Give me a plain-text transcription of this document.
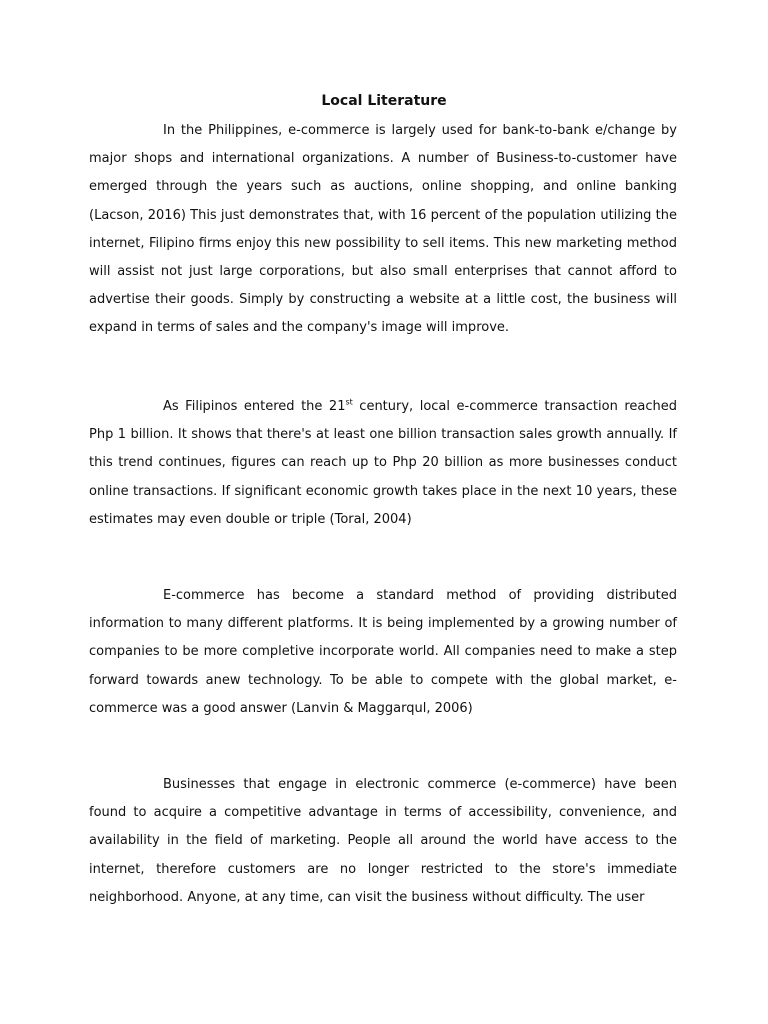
Local Literature

In the Philippines, e-commerce is largely used for bank-to-bank e/change by major shops and international organizations. A number of Business-to-customer have emerged through the years such as auctions, online shopping, and online banking (Lacson, 2016) This just demonstrates that, with 16 percent of the population utilizing the internet, Filipino firms enjoy this new possibility to sell items. This new marketing method will assist not just large corporations, but also small enterprises that cannot afford to advertise their goods. Simply by constructing a website at a little cost, the business will expand in terms of sales and the company's image will improve.

As Filipinos entered the 21st century, local e-commerce transaction reached Php 1 billion. It shows that there's at least one billion transaction sales growth annually. If this trend continues, figures can reach up to Php 20 billion as more businesses conduct online transactions. If significant economic growth takes place in the next 10 years, these estimates may even double or triple (Toral, 2004)

E-commerce has become a standard method of providing distributed information to many different platforms. It is being implemented by a growing number of companies to be more completive incorporate world. All companies need to make a step forward towards anew technology. To be able to compete with the global market, e-commerce was a good answer (Lanvin & Maggarqul, 2006)

Businesses that engage in electronic commerce (e-commerce) have been found to acquire a competitive advantage in terms of accessibility, convenience, and availability in the field of marketing. People all around the world have access to the internet, therefore customers are no longer restricted to the store's immediate neighborhood. Anyone, at any time, can visit the business without difficulty. The user
